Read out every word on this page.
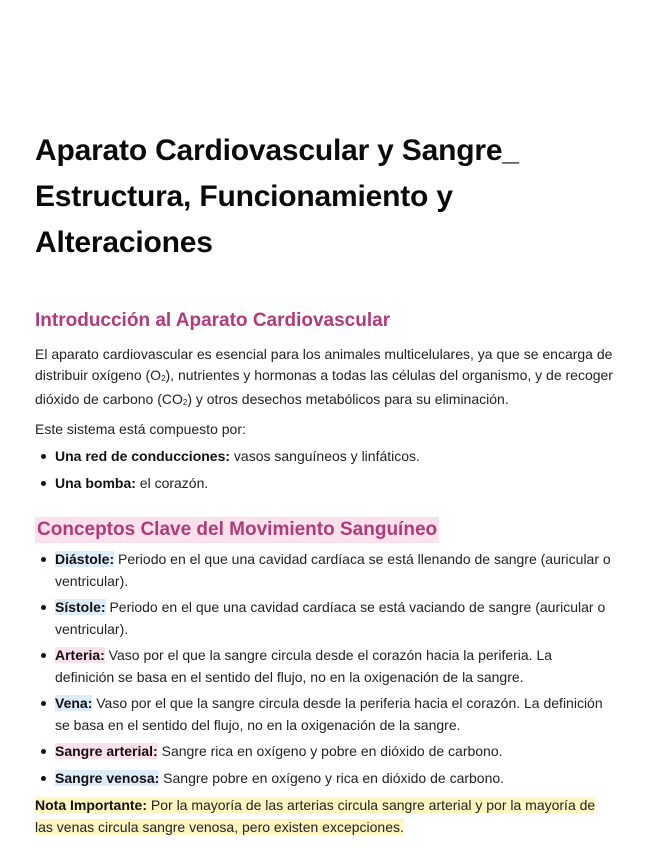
Aparato Cardiovascular y Sangre_ Estructura, Funcionamiento y Alteraciones
Introducción al Aparato Cardiovascular

El aparato cardiovascular es esencial para los animales multicelulares, ya que se encarga de distribuir oxígeno $(O_2)$, nutrientes y hormonas a todas las células del organismo, y de recoger dióxido de carbono $(CO_2)$ y otros desechos metabólicos para su eliminación.

Este sistema está compuesto por:

Una red de conducciones: vasos sanguíneos y linfáticos.
Una bomba: el corazón.
Conceptos Clave del Movimiento Sanguíneo
Diástole: Periodo en el que una cavidad cardíaca se está llenando de sangre (auricular o ventricular).
Sístole: Periodo en el que una cavidad cardíaca se está vaciando de sangre (auricular o ventricular).
Arteria: Vaso por el que la sangre circula desde el corazón hacia la periferia. La definición se basa en el sentido del flujo, no en la oxigenación de la sangre.
Vena: Vaso por el que la sangre circula desde la periferia hacia el corazón. La definición se basa en el sentido del flujo, no en la oxigenación de la sangre.
Sangre arterial: Sangre rica en oxígeno y pobre en dióxido de carbono.
Sangre venosa: Sangre pobre en oxígeno y rica en dióxido de carbono.

Nota Importante: Por la mayoría de las arterias circula sangre arterial y por la mayoría de las venas circula sangre venosa, pero existen excepciones.
